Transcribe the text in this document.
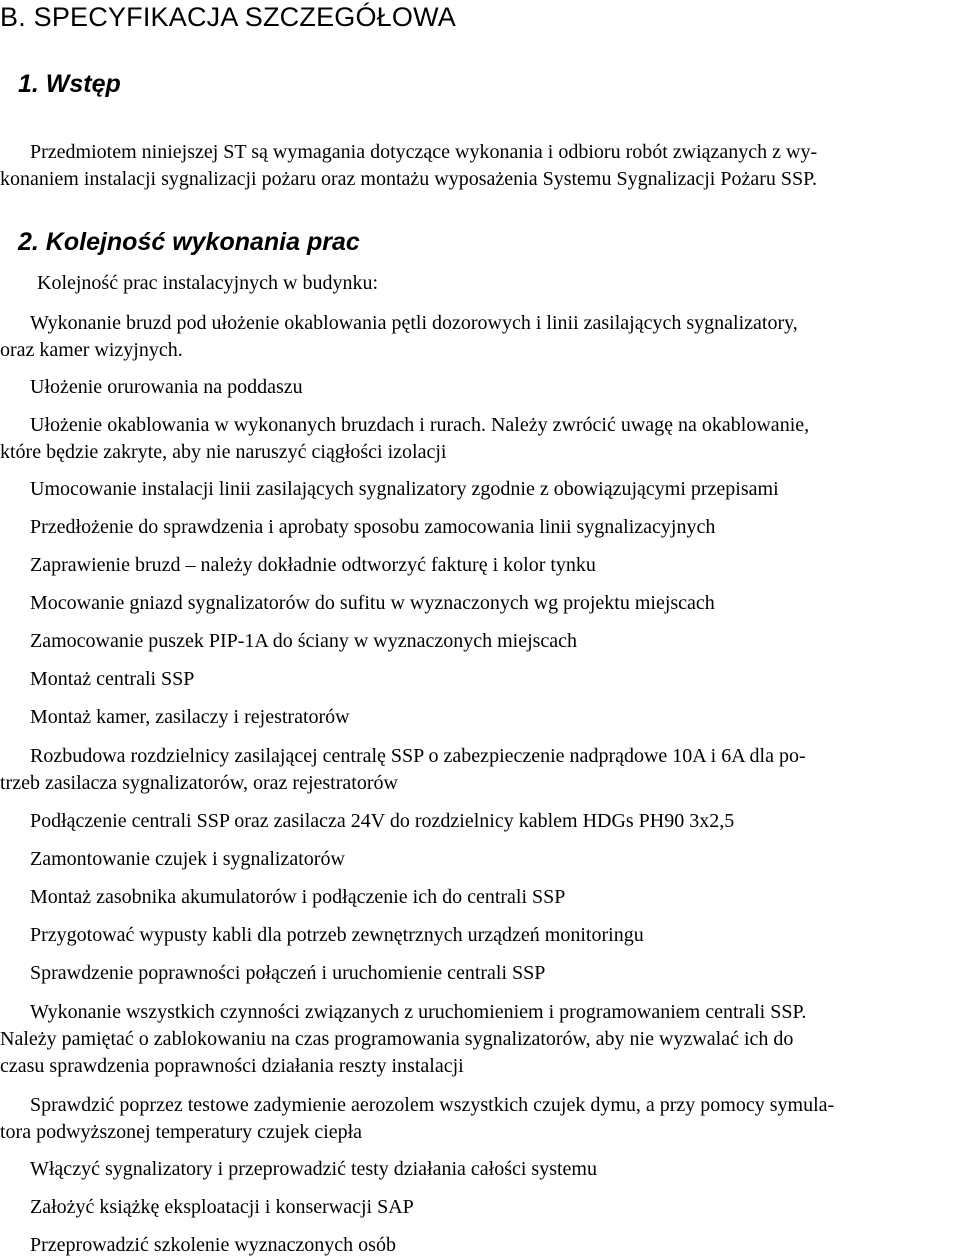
B. SPECYFIKACJA SZCZEGÓŁOWA
1. Wstęp
Przedmiotem niniejszej ST są wymagania dotyczące wykonania i odbioru robót związanych z wy-
konaniem instalacji sygnalizacji pożaru oraz montażu wyposażenia Systemu Sygnalizacji Pożaru SSP.
2. Kolejność wykonania prac
Kolejność prac instalacyjnych w budynku:
Wykonanie bruzd pod ułożenie okablowania pętli dozorowych i linii zasilających sygnalizatory,
oraz kamer wizyjnych.
Ułożenie orurowania na poddaszu
Ułożenie okablowania w wykonanych bruzdach i rurach. Należy zwrócić uwagę na okablowanie,
które będzie zakryte, aby nie naruszyć ciągłości izolacji
Umocowanie instalacji linii zasilających sygnalizatory zgodnie z obowiązującymi przepisami
Przedłożenie do sprawdzenia i aprobaty sposobu zamocowania linii sygnalizacyjnych
Zaprawienie bruzd – należy dokładnie odtworzyć fakturę i kolor tynku
Mocowanie gniazd sygnalizatorów do sufitu w wyznaczonych wg projektu miejscach
Zamocowanie puszek PIP-1A do ściany w wyznaczonych miejscach
Montaż centrali SSP
Montaż kamer, zasilaczy i rejestratorów
Rozbudowa rozdzielnicy zasilającej centralę SSP o zabezpieczenie nadprądowe 10A i 6A dla po-
trzeb zasilacza sygnalizatorów, oraz rejestratorów
Podłączenie centrali SSP oraz zasilacza 24V do rozdzielnicy kablem HDGs PH90 3x2,5
Zamontowanie czujek i sygnalizatorów
Montaż zasobnika akumulatorów i podłączenie ich do centrali SSP
Przygotować wypusty kabli dla potrzeb zewnętrznych urządzeń monitoringu
Sprawdzenie poprawności połączeń i uruchomienie centrali SSP
Wykonanie wszystkich czynności związanych z uruchomieniem i programowaniem centrali SSP.
Należy pamiętać o zablokowaniu na czas programowania sygnalizatorów, aby nie wyzwalać ich do
czasu sprawdzenia poprawności działania reszty instalacji
Sprawdzić poprzez testowe zadymienie aerozolem wszystkich czujek dymu, a przy pomocy symula-
tora podwyższonej temperatury czujek ciepła
Włączyć sygnalizatory i przeprowadzić testy działania całości systemu
Założyć książkę eksploatacji i konserwacji SAP
Przeprowadzić szkolenie wyznaczonych osób
